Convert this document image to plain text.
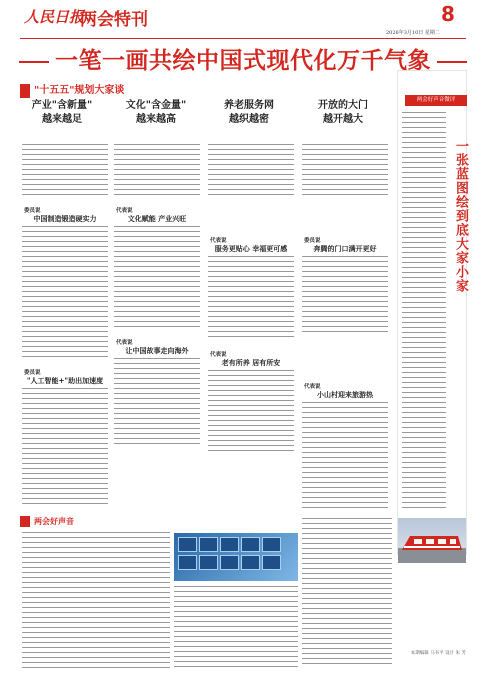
人民日报
两会特刊	8
2026年3月10日 星期二
一笔一画共绘中国式现代化万千气象
"十五五"规划大家谈
产业"含新量"
越来越足
文化"含金量"
越来越高
养老服务网
越织越密
开放的大门
越开越大
委员说
中国制造锻造硬实力
代表说
文化赋能 产业兴旺
代表说
服务更贴心 幸福更可感
委员说
奔腾的门口满开更好
委员说
"人工智能+"助出加速度
代表说
让中国故事走向海外	代表说
老有所养 居有所安
代表说
小山村迎来旅游热
两会好声音
两会好声音微评
一张蓝图绘到底大家小家
本期编辑 马书平 设计 朱 芳
